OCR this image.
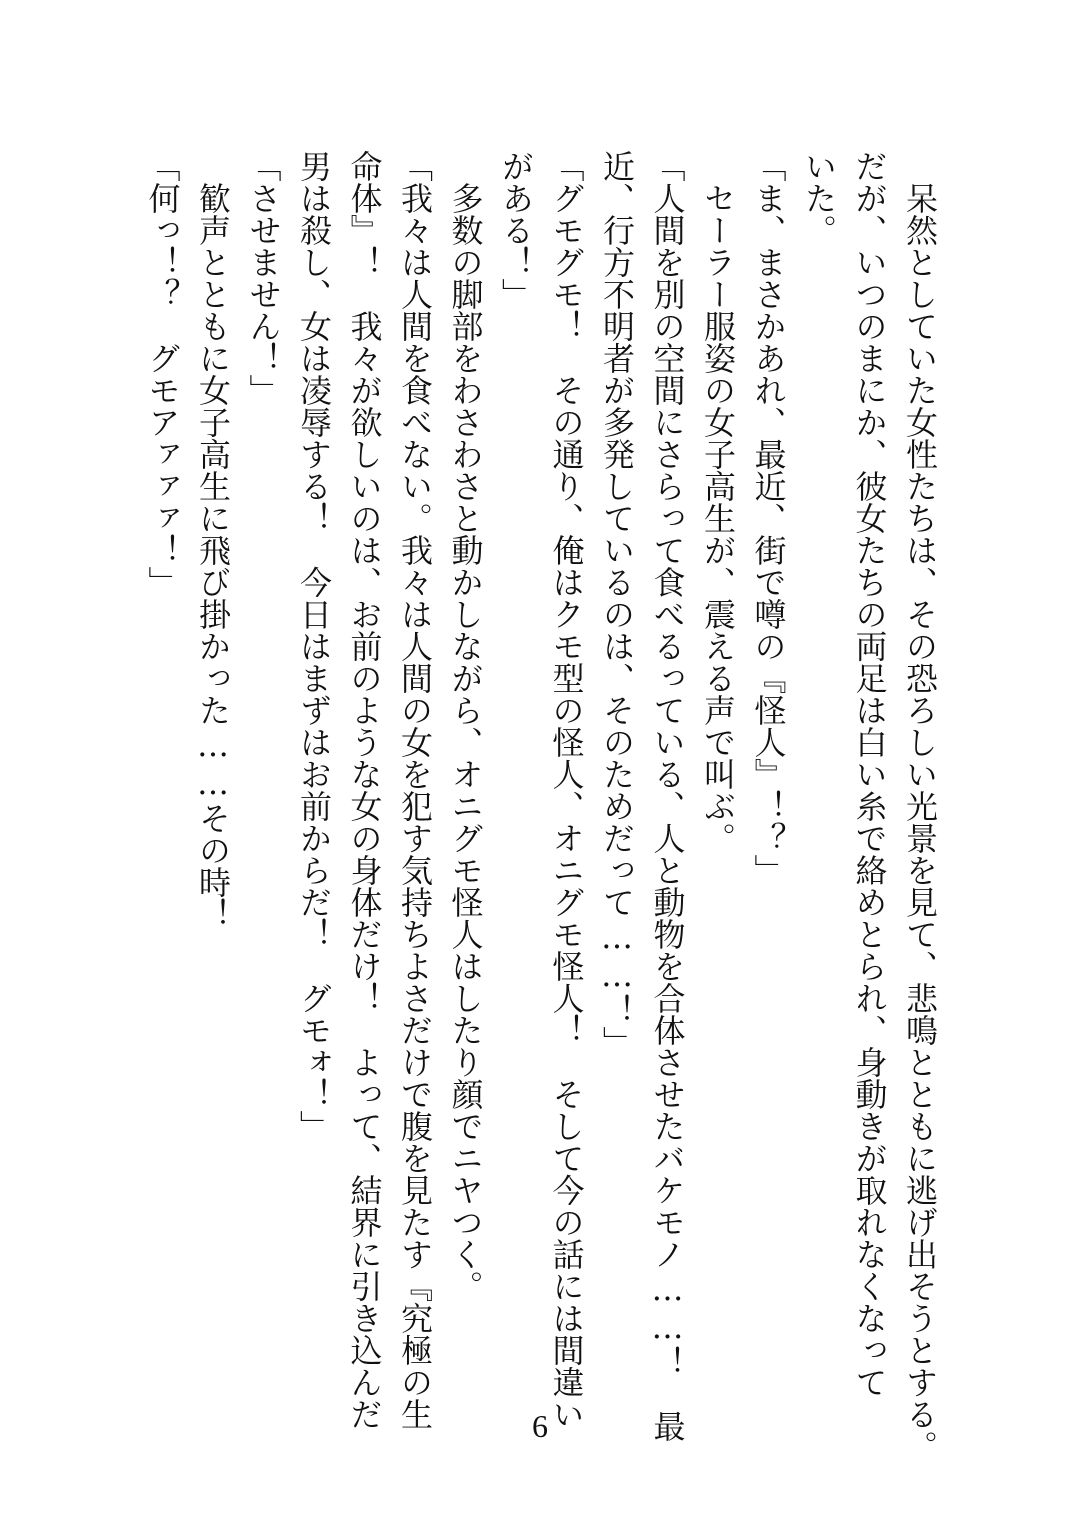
　呆然としていた女性たちは、その恐ろしい光景を見て、悲鳴とともに逃げ出そうとする。

だが、いつのまにか、彼女たちの両足は白い糸で絡めとられ、身動きが取れなくなって

いた。

「ま、まさかあれ、最近、街で噂の『怪人』！？」

　セーラー服姿の女子高生が、震える声で叫ぶ。

「人間を別の空間にさらって食べるっている、人と動物を合体させたバケモノ……！　最

近、行方不明者が多発しているのは、そのためだって……！」

「グモグモ！　その通り、俺はクモ型の怪人、オニグモ怪人！　そして今の話には間違い

がある！」

　多数の脚部をわさわさと動かしながら、オニグモ怪人はしたり顔でニヤつく。

「我々は人間を食べない。我々は人間の女を犯す気持ちよさだけで腹を見たす『究極の生

命体』！　我々が欲しいのは、お前のような女の身体だけ！　よって、結界に引き込んだ

男は殺し、女は凌辱する！　今日はまずはお前からだ！　グモォ！」

「させません！」

　歓声とともに女子高生に飛び掛かった……その時！

「何っ！？　グモアァァァ！」

6
